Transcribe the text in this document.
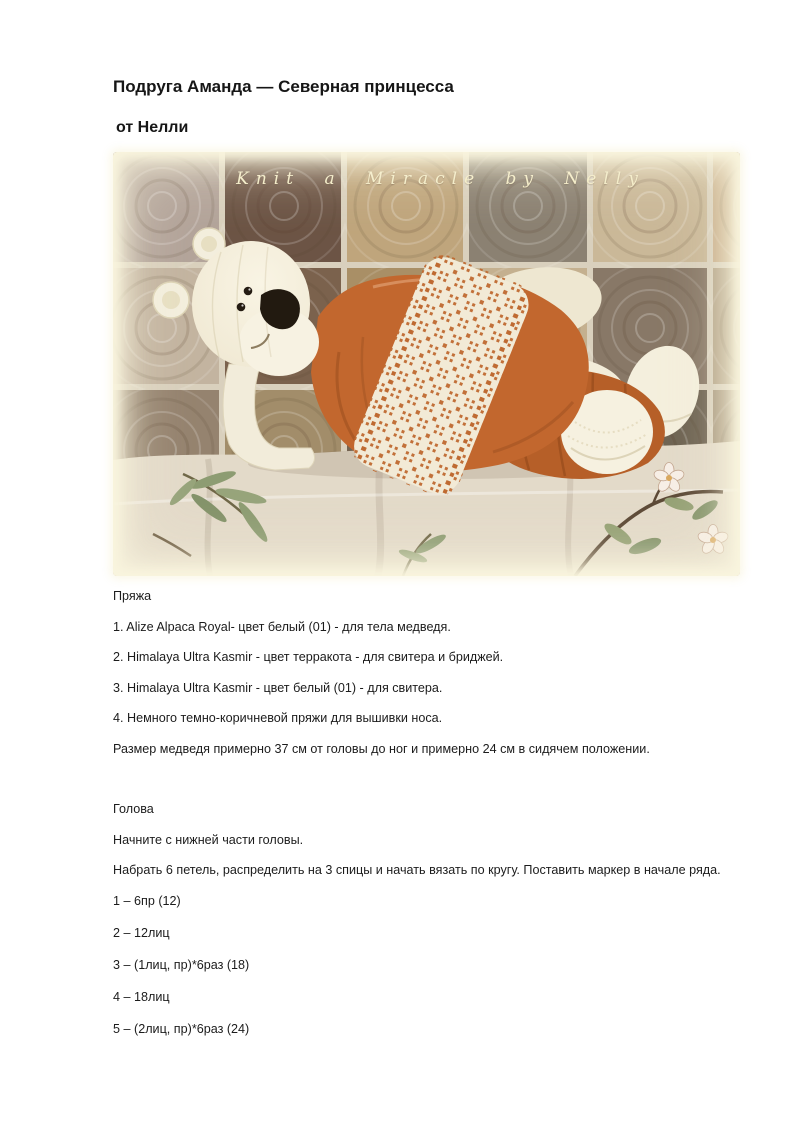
Подруга Аманда — Северная принцесса
от Нелли
Knit a Miracle by Nelly

Пряжа

1. Alize Alpaca Royal- цвет белый (01) - для тела медведя.

2. Himalaya Ultra Kasmir - цвет терракота - для свитера и бриджей.

3. Himalaya Ultra Kasmir - цвет белый (01) - для свитера.

4. Немного темно-коричневой пряжи для вышивки носа.

Размер медведя примерно 37 см от головы до ног и примерно 24 см в сидячем положении.

Голова

Начните с нижней части головы.

Набрать 6 петель, распределить на 3 спицы и начать вязать по кругу. Поставить маркер в начале ряда.

1 – 6пр (12)

2 – 12лиц

3 – (1лиц, пр)*6раз (18)

4 – 18лиц

5 – (2лиц, пр)*6раз (24)
